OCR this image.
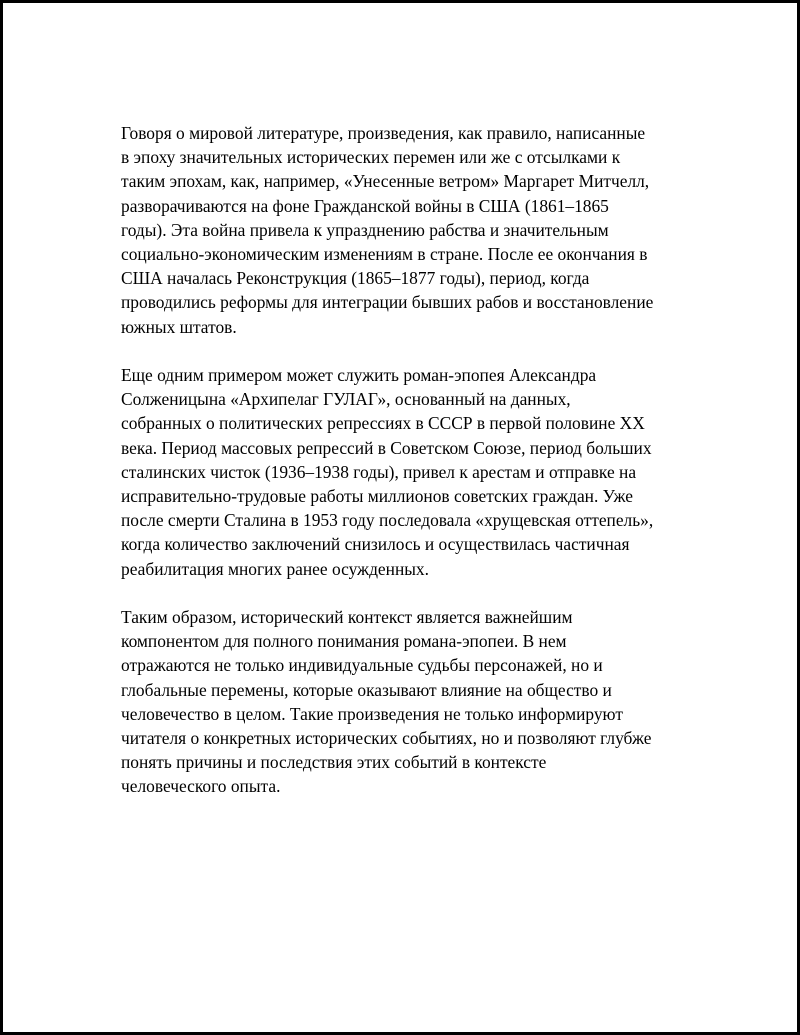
Говоря о мировой литературе, произведения, как правило, написанные
в эпоху значительных исторических перемен или же с отсылками к
таким эпохам, как, например, «Унесенные ветром» Маргарет Митчелл,
разворачиваются на фоне Гражданской войны в США (1861–1865
годы). Эта война привела к упразднению рабства и значительным
социально-экономическим изменениям в стране. После ее окончания в
США началась Реконструкция (1865–1877 годы), период, когда
проводились реформы для интеграции бывших рабов и восстановление
южных штатов.

Еще одним примером может служить роман-эпопея Александра
Солженицына «Архипелаг ГУЛАГ», основанный на данных,
собранных о политических репрессиях в СССР в первой половине XX
века. Период массовых репрессий в Советском Союзе, период больших
сталинских чисток (1936–1938 годы), привел к арестам и отправке на
исправительно-трудовые работы миллионов советских граждан. Уже
после смерти Сталина в 1953 году последовала «хрущевская оттепель»,
когда количество заключений снизилось и осуществилась частичная
реабилитация многих ранее осужденных.

Таким образом, исторический контекст является важнейшим
компонентом для полного понимания романа-эпопеи. В нем
отражаются не только индивидуальные судьбы персонажей, но и
глобальные перемены, которые оказывают влияние на общество и
человечество в целом. Такие произведения не только информируют
читателя о конкретных исторических событиях, но и позволяют глубже
понять причины и последствия этих событий в контексте
человеческого опыта.
